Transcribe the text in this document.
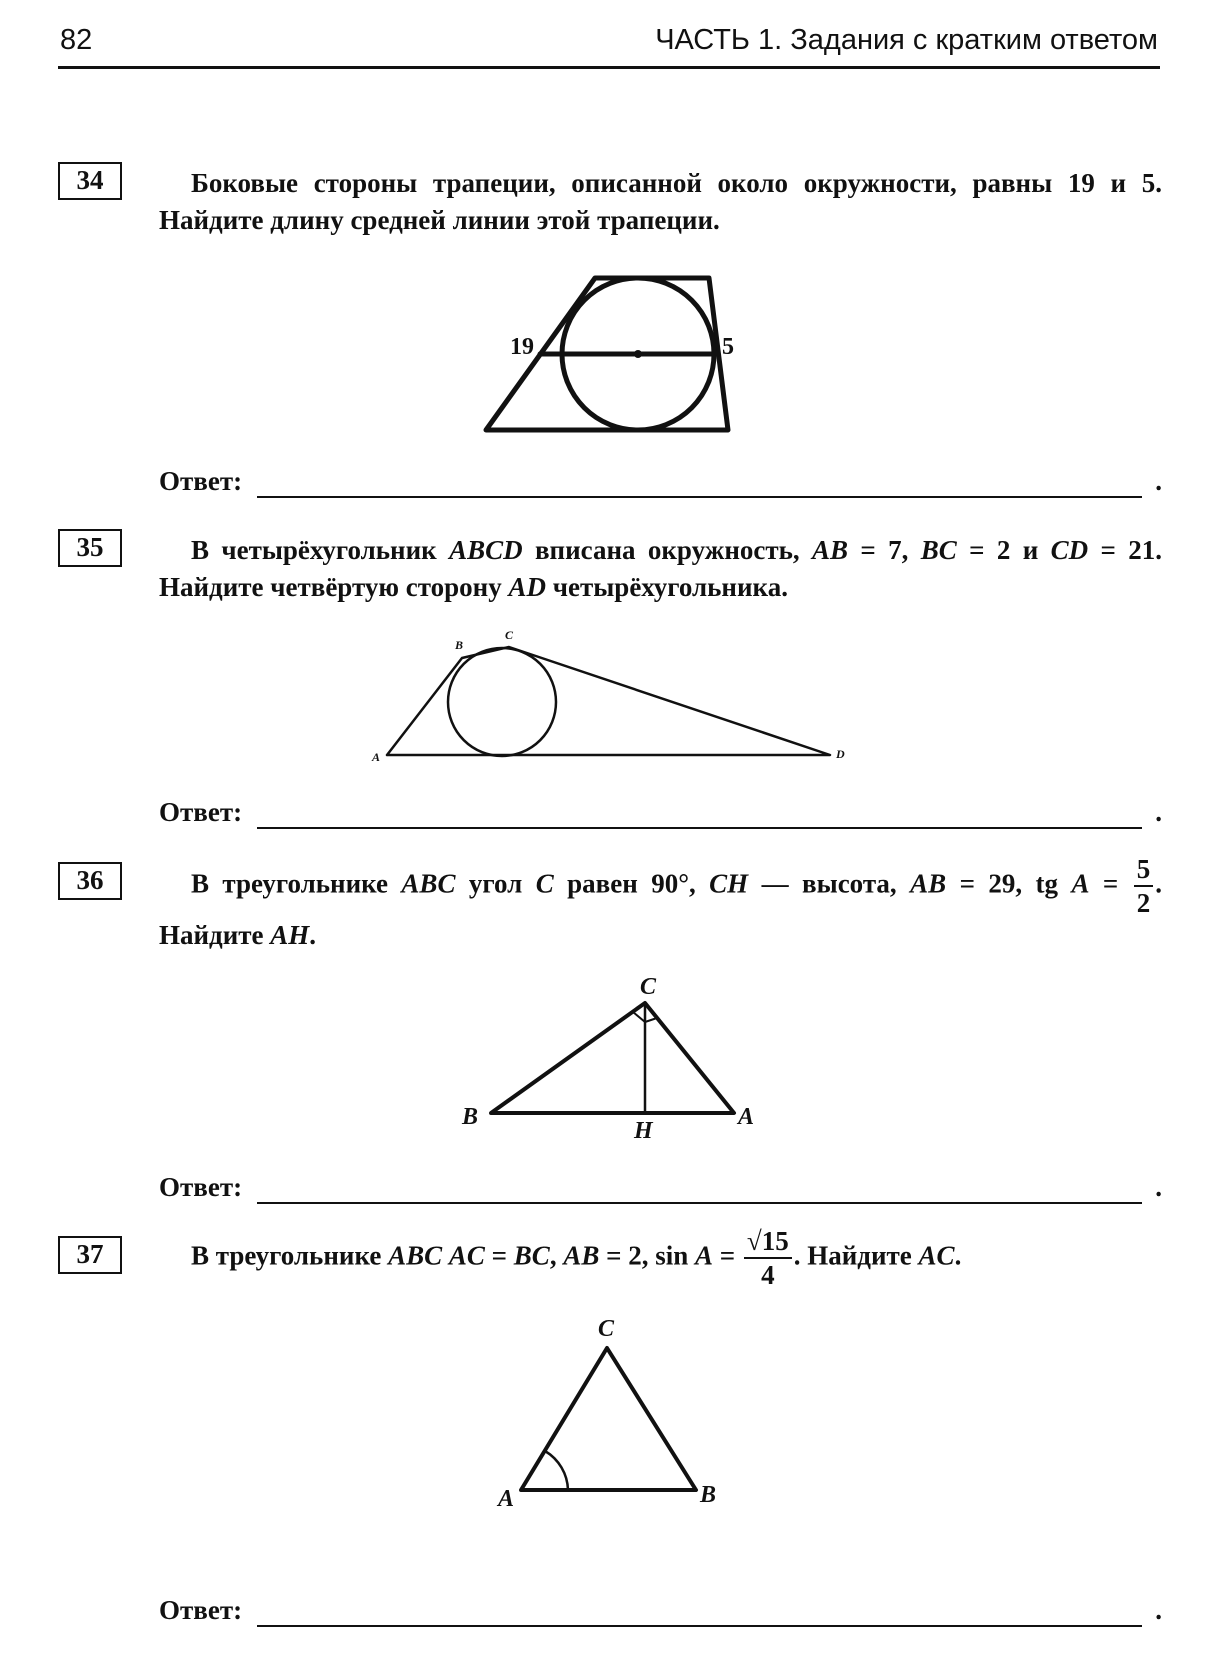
82	ЧАСТЬ 1. Задания с кратким ответом
34	Боковые стороны трапеции, описанной около окружности, равны 19 и 5. Найдите длину средней линии этой трапеции.
35	В четырёхугольник ABCD вписана окружность, AB = 7, BC = 2 и CD = 21. Найдите четвёртую сторону AD четырёхугольника.
36	В треугольнике ABC угол C равен 90°, CH — высота, AB = 29, tg $A = \frac{5}{2}$ . Найдите AH.
37	В треугольнике ABC AC = BC, AB = 2, $\sin A = \frac{√15}{4}$ . Найдите AC.
Ответ:	.
Ответ:	.
Ответ:	.
Ответ:	.
19	5
A
B
C
D
C
B	A
H
C
A	B
